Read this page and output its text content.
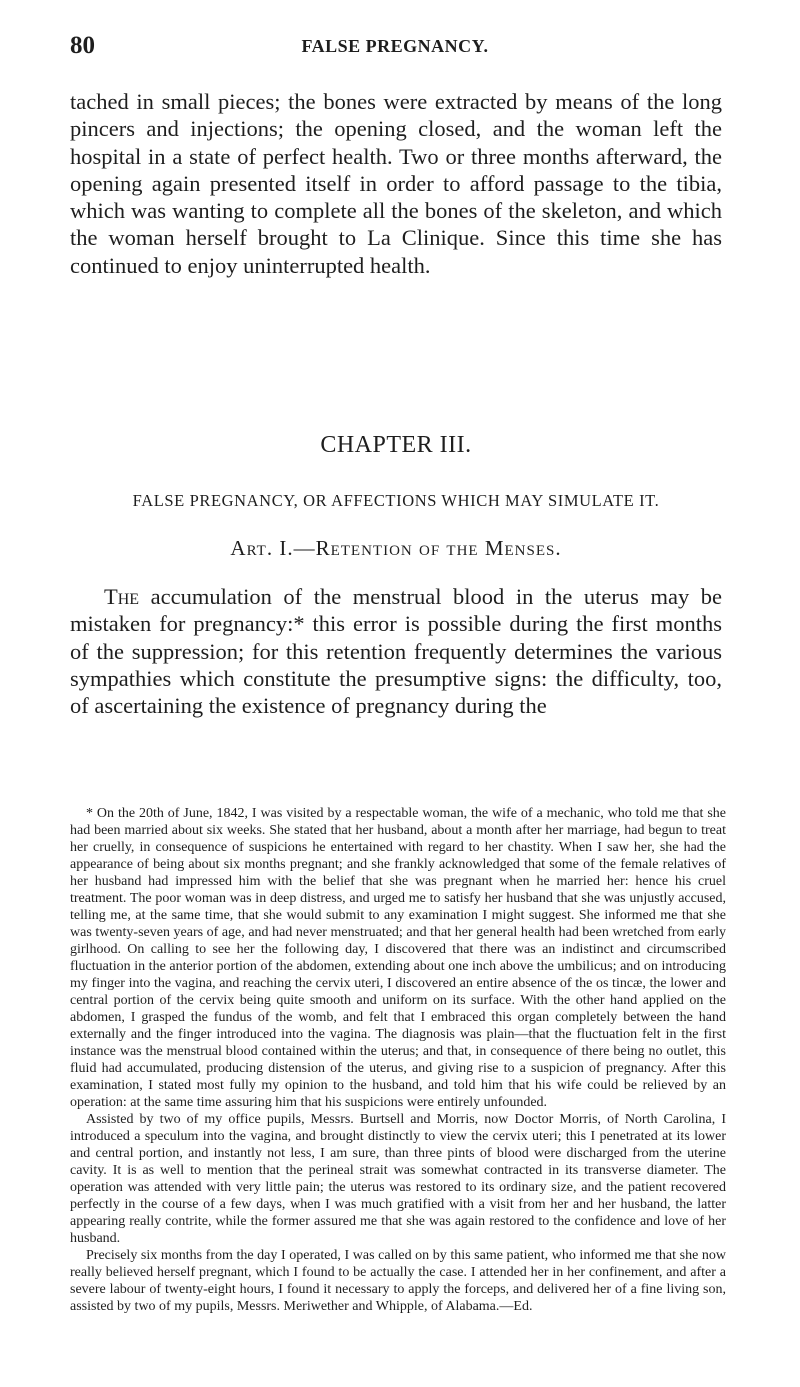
80	FALSE PREGNANCY.

tached in small pieces; the bones were extracted by means of the long pincers and injections; the opening closed, and the woman left the hospital in a state of perfect health. Two or three months afterward, the opening again presented itself in order to afford passage to the tibia, which was wanting to complete all the bones of the skeleton, and which the woman herself brought to La Clinique. Since this time she has continued to enjoy uninterrupted health.

CHAPTER III.
FALSE PREGNANCY, OR AFFECTIONS WHICH MAY SIMULATE IT.
Art. I.—Retention of the Menses.

The accumulation of the menstrual blood in the uterus may be mistaken for pregnancy:* this error is possible during the first months of the suppression; for this retention frequently determines the various sympathies which constitute the presumptive signs: the difficulty, too, of ascertaining the existence of pregnancy during the

* On the 20th of June, 1842, I was visited by a respectable woman, the wife of a mechanic, who told me that she had been married about six weeks. She stated that her husband, about a month after her marriage, had begun to treat her cruelly, in consequence of suspicions he entertained with regard to her chastity. When I saw her, she had the appearance of being about six months pregnant; and she frankly acknowledged that some of the female relatives of her husband had impressed him with the belief that she was pregnant when he married her: hence his cruel treatment. The poor woman was in deep distress, and urged me to satisfy her husband that she was unjustly accused, telling me, at the same time, that she would submit to any examination I might suggest. She informed me that she was twenty-seven years of age, and had never menstruated; and that her general health had been wretched from early girlhood. On calling to see her the following day, I discovered that there was an indistinct and circumscribed fluctuation in the anterior portion of the abdomen, extending about one inch above the umbilicus; and on introducing my finger into the vagina, and reaching the cervix uteri, I discovered an entire absence of the os tincæ, the lower and central portion of the cervix being quite smooth and uniform on its surface. With the other hand applied on the abdomen, I grasped the fundus of the womb, and felt that I embraced this organ completely between the hand externally and the finger introduced into the vagina. The diagnosis was plain—that the fluctuation felt in the first instance was the menstrual blood contained within the uterus; and that, in consequence of there being no outlet, this fluid had accumulated, producing distension of the uterus, and giving rise to a suspicion of pregnancy. After this examination, I stated most fully my opinion to the husband, and told him that his wife could be relieved by an operation: at the same time assuring him that his suspicions were entirely unfounded.

Assisted by two of my office pupils, Messrs. Burtsell and Morris, now Doctor Morris, of North Carolina, I introduced a speculum into the vagina, and brought distinctly to view the cervix uteri; this I penetrated at its lower and central portion, and instantly not less, I am sure, than three pints of blood were discharged from the uterine cavity. It is as well to mention that the perineal strait was somewhat contracted in its transverse diameter. The operation was attended with very little pain; the uterus was restored to its ordinary size, and the patient recovered perfectly in the course of a few days, when I was much gratified with a visit from her and her husband, the latter appearing really contrite, while the former assured me that she was again restored to the confidence and love of her husband.

Precisely six months from the day I operated, I was called on by this same patient, who informed me that she now really believed herself pregnant, which I found to be actually the case. I attended her in her confinement, and after a severe labour of twenty-eight hours, I found it necessary to apply the forceps, and delivered her of a fine living son, assisted by two of my pupils, Messrs. Meriwether and Whipple, of Alabama.—Ed.
